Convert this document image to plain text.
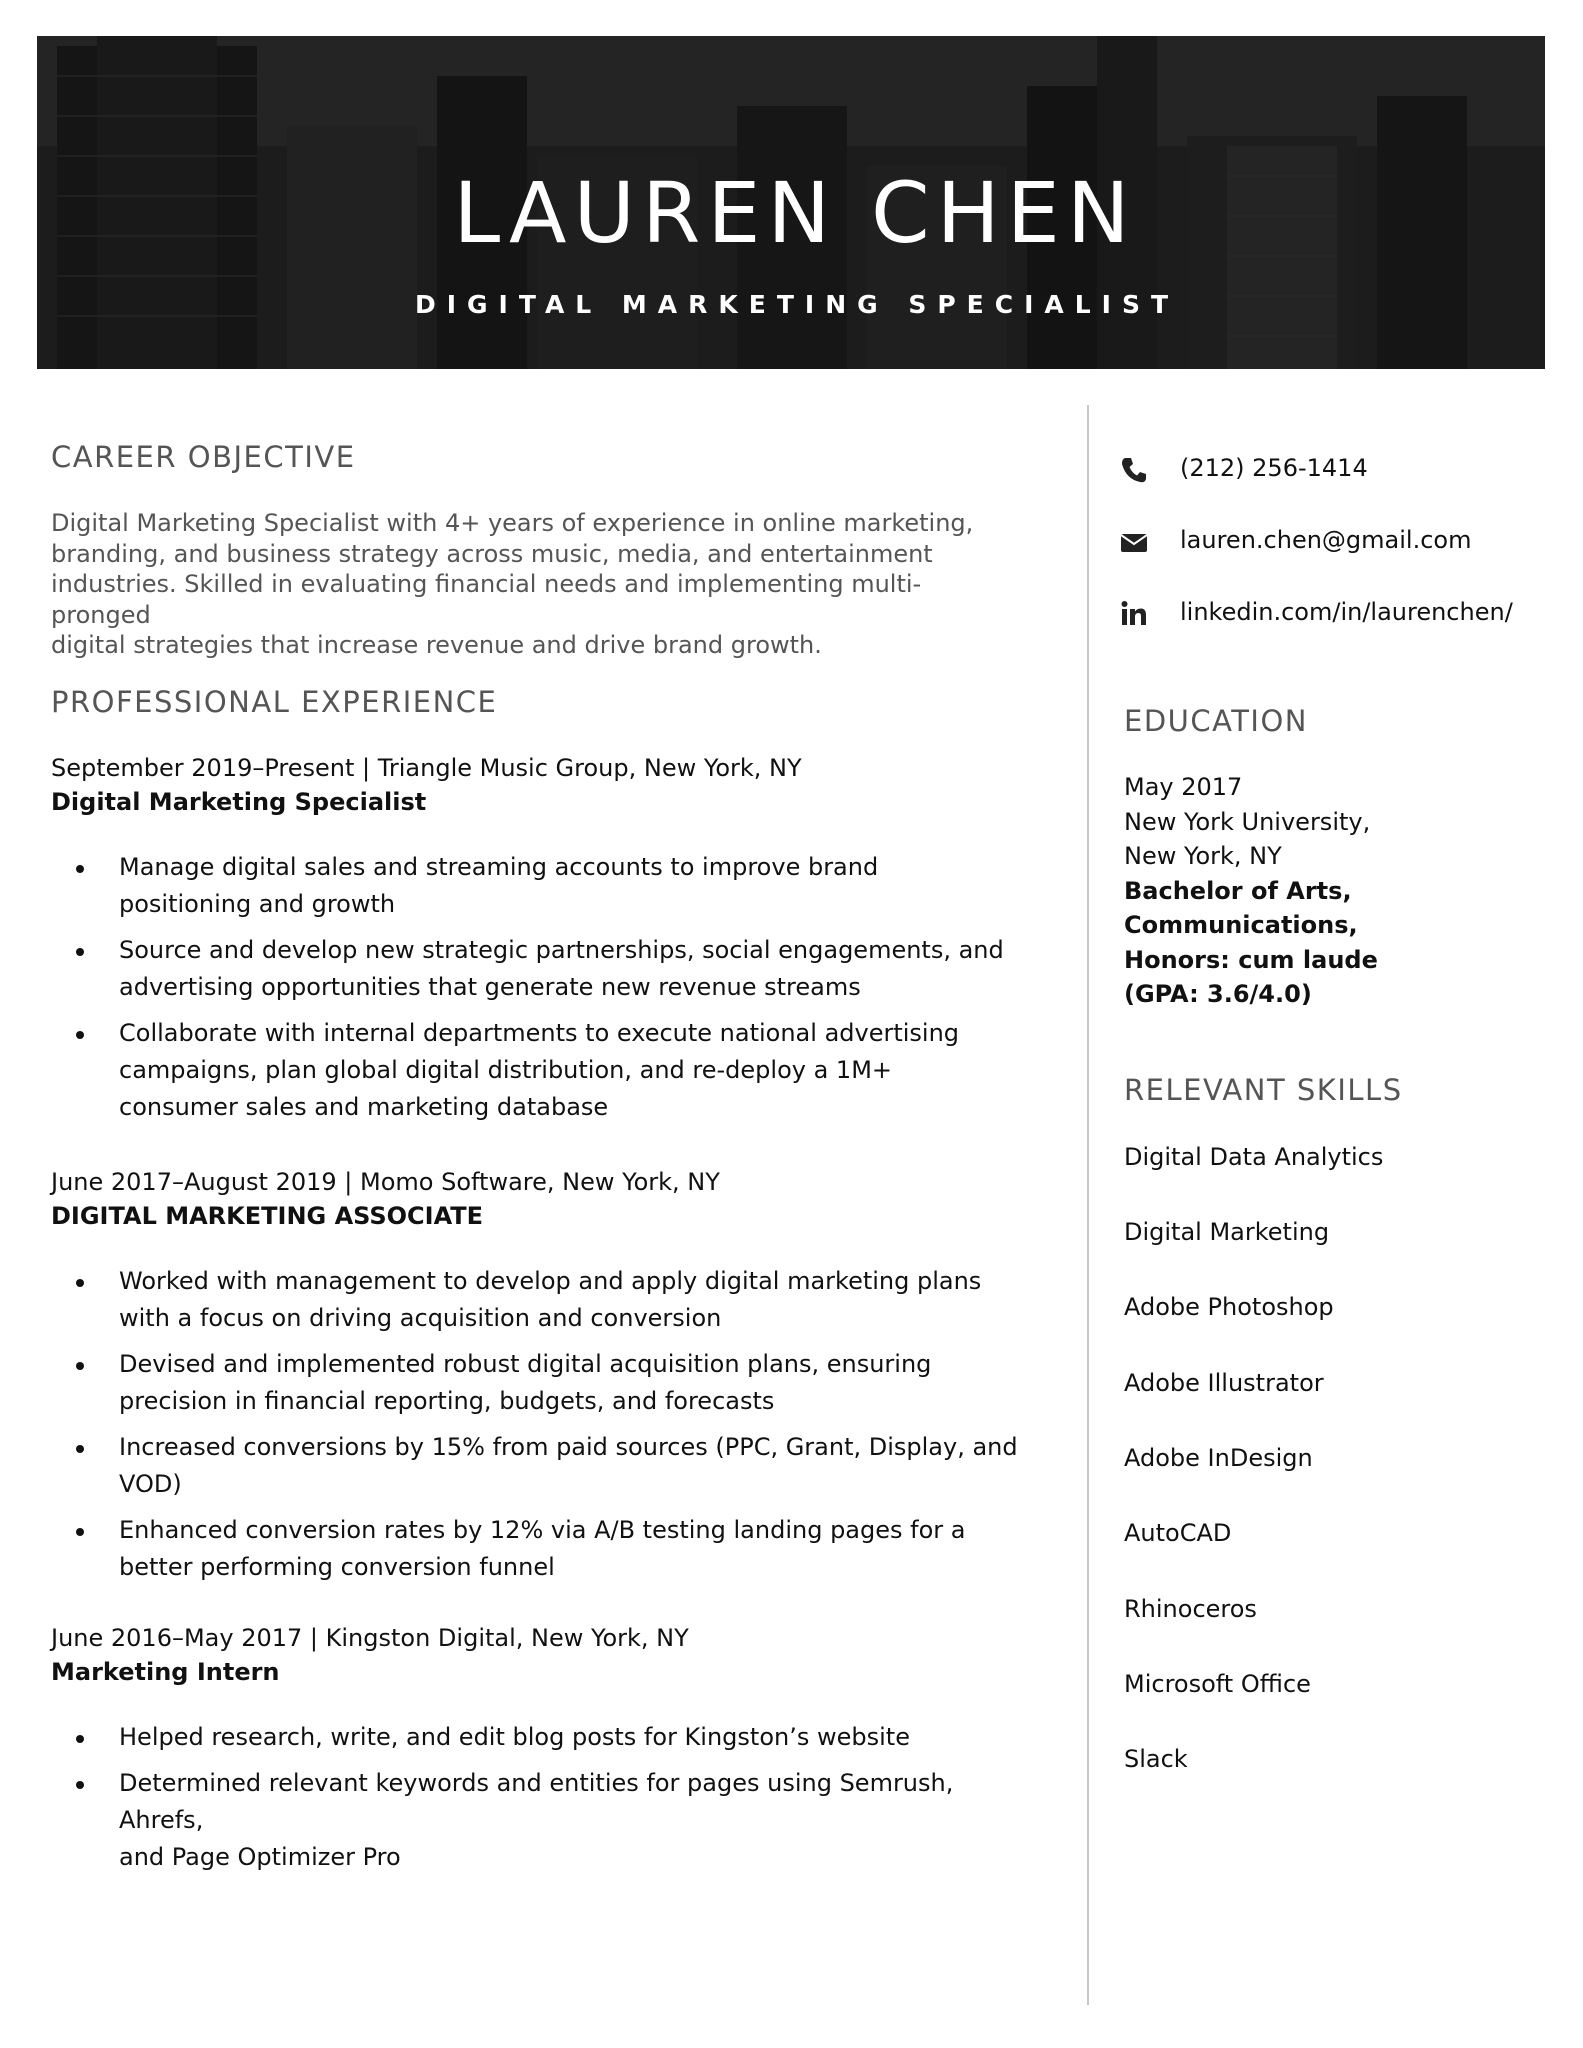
LAUREN CHEN
DIGITAL MARKETING SPECIALIST
CAREER OBJECTIVE
Digital Marketing Specialist with 4+ years of experience in online marketing,
branding, and business strategy across music, media, and entertainment
industries. Skilled in evaluating financial needs and implementing multi-pronged
digital strategies that increase revenue and drive brand growth.
PROFESSIONAL EXPERIENCE
September 2019–Present | Triangle Music Group, New York, NY
Digital Marketing Specialist
Manage digital sales and streaming accounts to improve brand
positioning and growth
Source and develop new strategic partnerships, social engagements, and
advertising opportunities that generate new revenue streams
Collaborate with internal departments to execute national advertising
campaigns, plan global digital distribution, and re-deploy a 1M+
consumer sales and marketing database
June 2017–August 2019 | Momo Software, New York, NY
DIGITAL MARKETING ASSOCIATE
Worked with management to develop and apply digital marketing plans
with a focus on driving acquisition and conversion
Devised and implemented robust digital acquisition plans, ensuring
precision in financial reporting, budgets, and forecasts
Increased conversions by 15% from paid sources (PPC, Grant, Display, and
VOD)
Enhanced conversion rates by 12% via A/B testing landing pages for a
better performing conversion funnel
June 2016–May 2017 | Kingston Digital, New York, NY
Marketing Intern
Helped research, write, and edit blog posts for Kingston’s website
Determined relevant keywords and entities for pages using Semrush, Ahrefs,
and Page Optimizer Pro
(212) 256-1414
lauren.chen@gmail.com
linkedin.com/in/laurenchen/
EDUCATION
May 2017
New York University,
New York, NY
Bachelor of Arts,
Communications,
Honors: cum laude
(GPA: 3.6/4.0)
RELEVANT SKILLS
Digital Data Analytics
Digital Marketing
Adobe Photoshop
Adobe Illustrator
Adobe InDesign
AutoCAD
Rhinoceros
Microsoft Office
Slack
